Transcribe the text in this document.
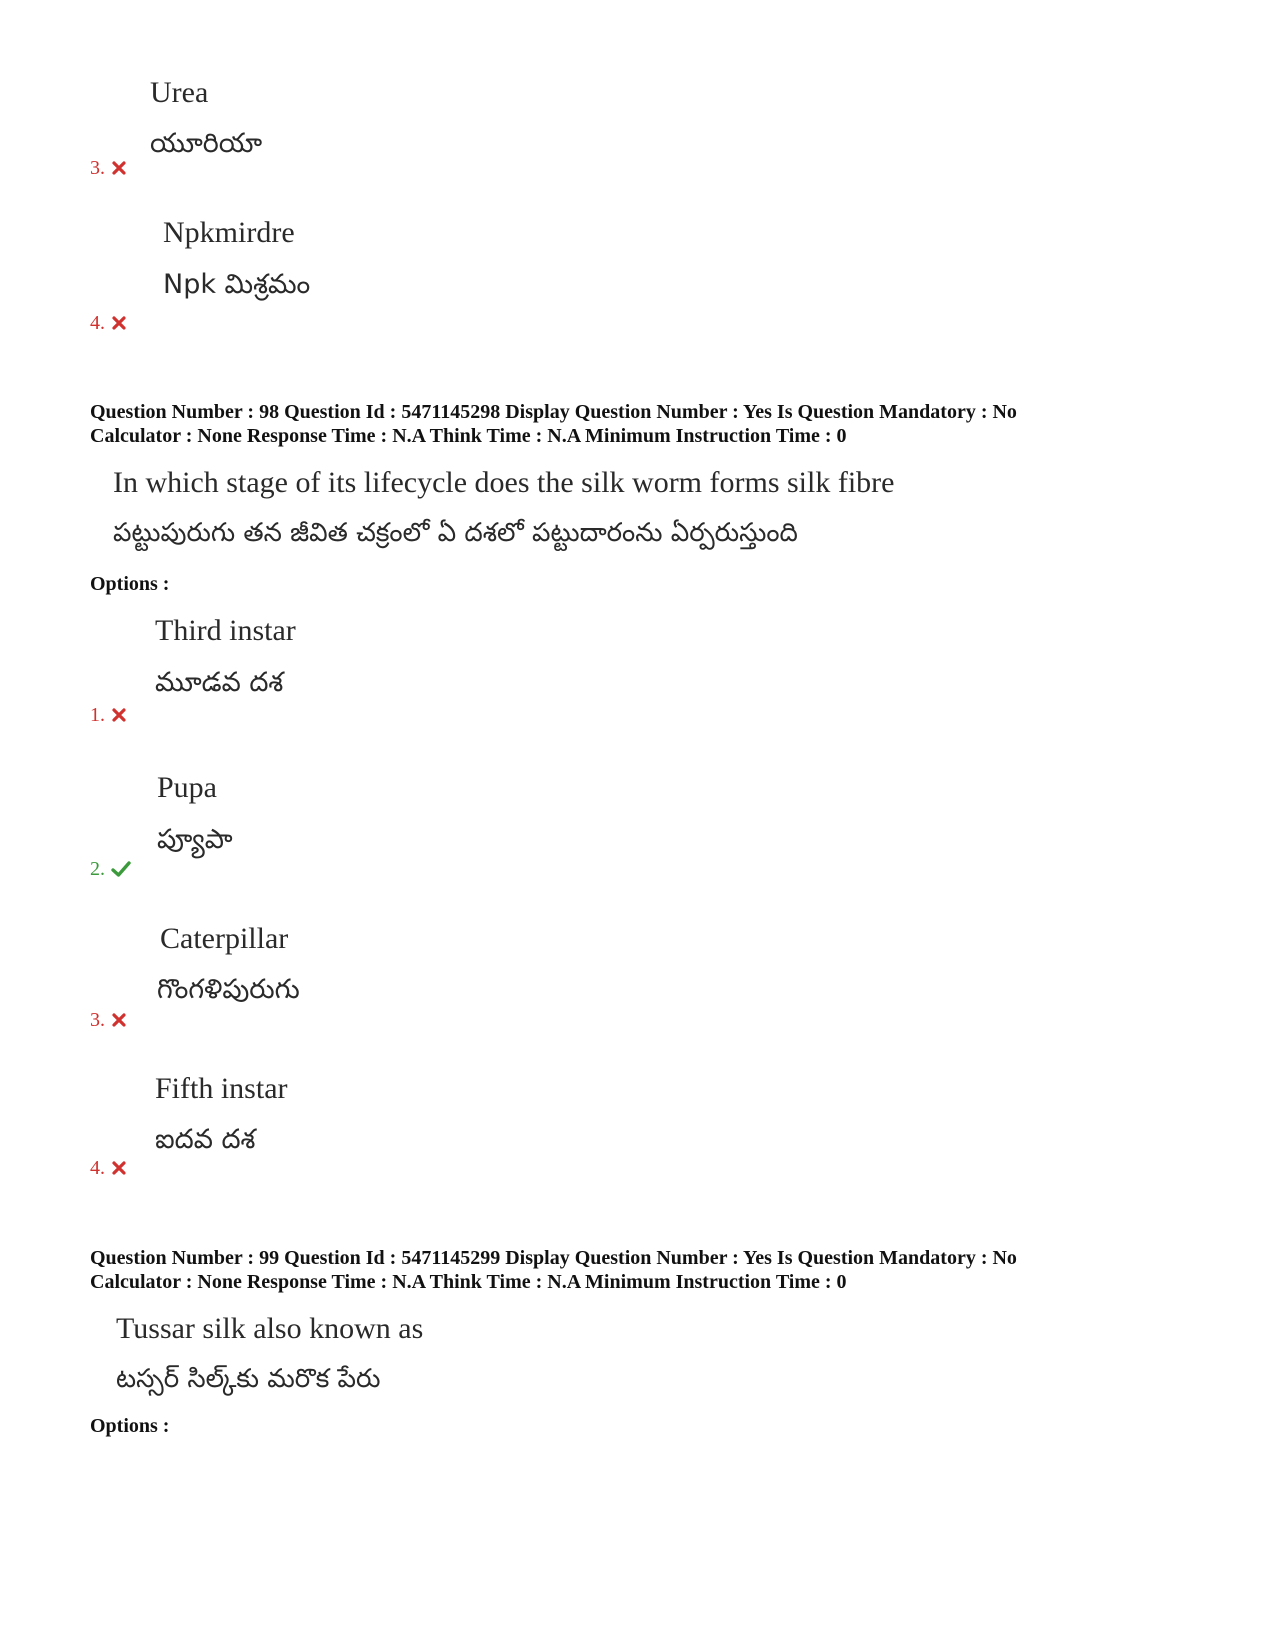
Urea
యూరియా
3.
Npkmirdre
Npk మిశ్రమం
4.
Question Number : 98 Question Id : 5471145298 Display Question Number : Yes Is Question Mandatory : No
Calculator : None Response Time : N.A Think Time : N.A Minimum Instruction Time : 0
In which stage of its lifecycle does the silk worm forms silk fibre
పట్టుపురుగు తన జీవిత చక్రంలో ఏ దశలో పట్టుదారంను ఏర్పరుస్తుంది
Options :
Third instar
మూడవ దశ
1.
Pupa
ప్యూపా
2.
Caterpillar
గొంగళిపురుగు
3.
Fifth instar
ఐదవ దశ
4.
Question Number : 99 Question Id : 5471145299 Display Question Number : Yes Is Question Mandatory : No
Calculator : None Response Time : N.A Think Time : N.A Minimum Instruction Time : 0
Tussar silk also known as
టస్సర్ సిల్క్‌కు మరొక పేరు
Options :
